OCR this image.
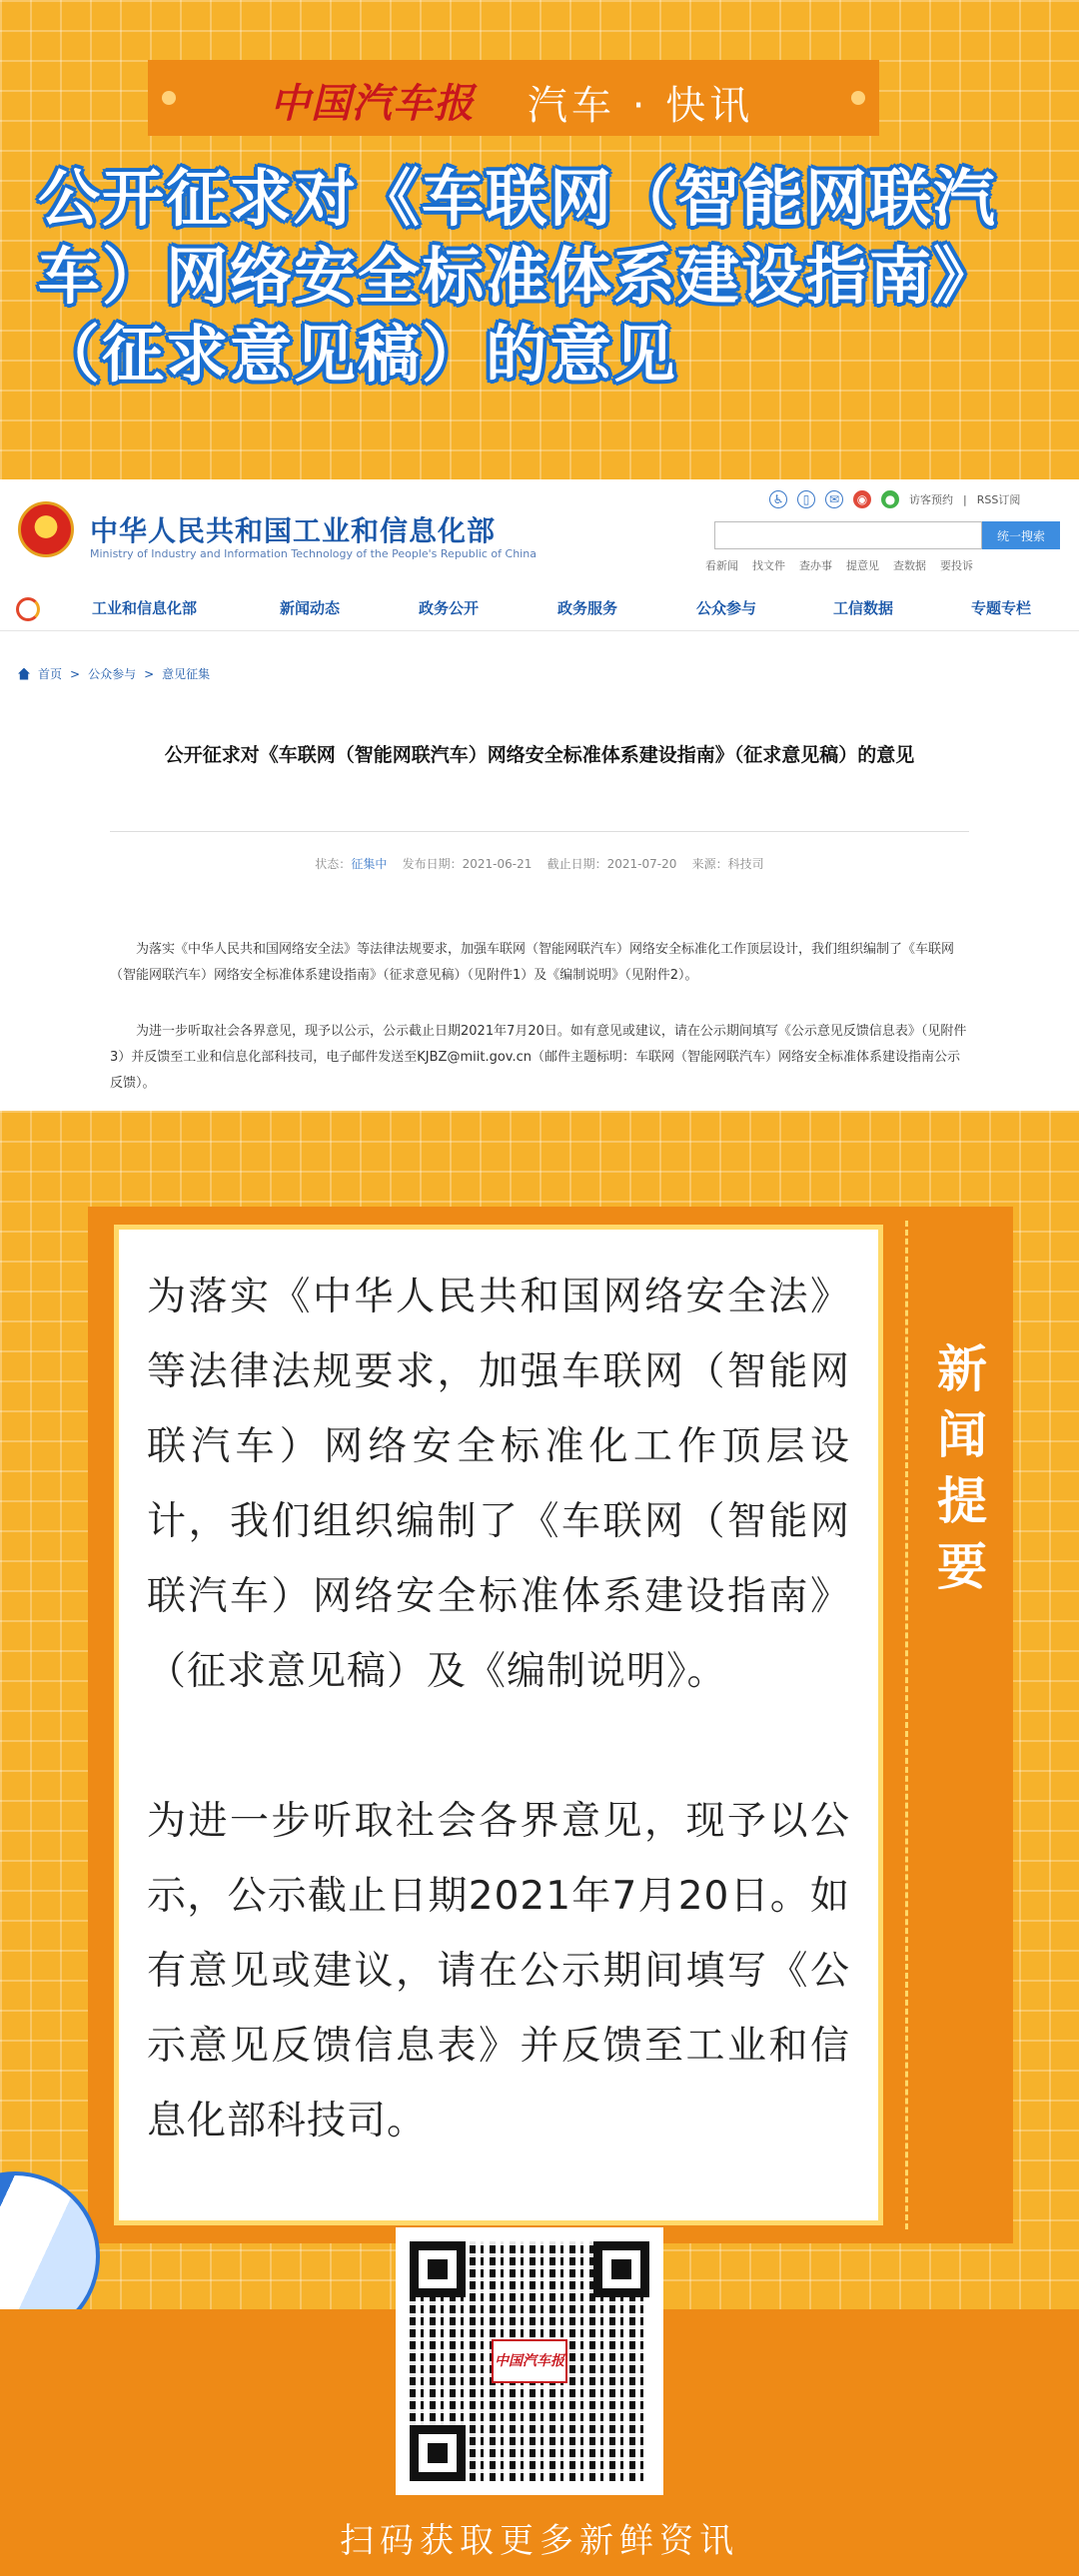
中国汽车报 汽车 · 快讯
公开征求对《车联网（智能网联汽车）网络安全标准体系建设指南》（征求意见稿）的意见
中华人民共和国工业和信息化部
Ministry of Industry and Information Technology of the People's Republic of China
♿	▯	✉	◉	●	访客预约 | RSS订阅
统一搜索
看新闻 找文件 查办事 提意见 查数据 要投诉
工业和信息化部	新闻动态	政务公开	政务服务	公众参与	工信数据	专题专栏
首页 > 公众参与 > 意见征集
公开征求对《车联网（智能网联汽车）网络安全标准体系建设指南》（征求意见稿）的意见
状态：征集中 发布日期：2021-06-21 截止日期：2021-07-20 来源：科技司

为落实《中华人民共和国网络安全法》等法律法规要求，加强车联网（智能网联汽车）网络安全标准化工作顶层设计，我们组织编制了《车联网（智能网联汽车）网络安全标准体系建设指南》（征求意见稿）（见附件1）及《编制说明》（见附件2）。

为进一步听取社会各界意见，现予以公示，公示截止日期2021年7月20日。如有意见或建议，请在公示期间填写《公示意见反馈信息表》（见附件3）并反馈至工业和信息化部科技司，电子邮件发送至KJBZ@miit.gov.cn（邮件主题标明：车联网（智能网联汽车）网络安全标准体系建设指南公示反馈）。

为落实《中华人民共和国网络安全法》等法律法规要求，加强车联网（智能网联汽车）网络安全标准化工作顶层设计，我们组织编制了《车联网（智能网联汽车）网络安全标准体系建设指南》（征求意见稿）及《编制说明》。

为进一步听取社会各界意见，现予以公示，公示截止日期2021年7月20日。如有意见或建议，请在公示期间填写《公示意见反馈信息表》并反馈至工业和信息化部科技司。

新闻提要
中国汽车报
扫码获取更多新鲜资讯
